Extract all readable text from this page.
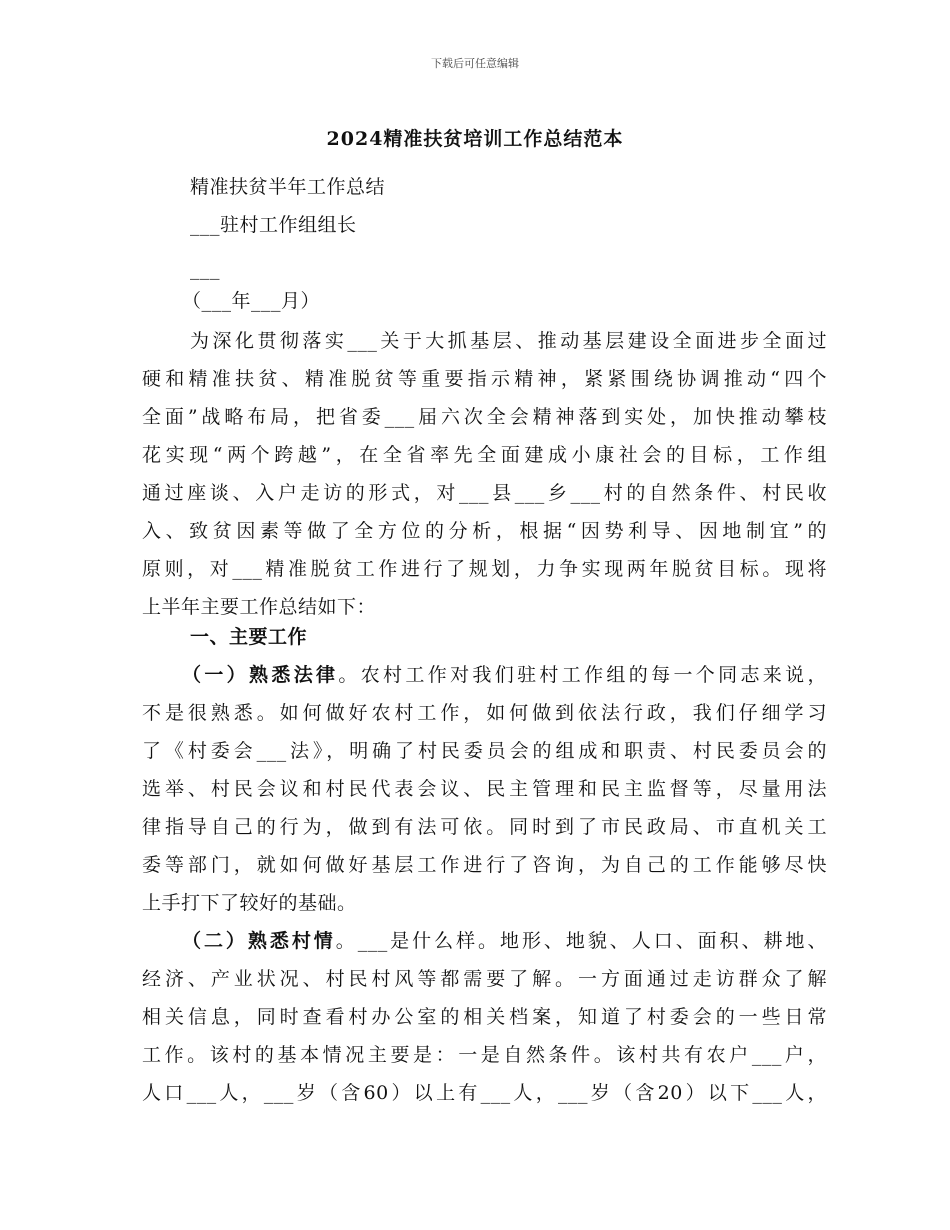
下载后可任意编辑
2024精准扶贫培训工作总结范本
精准扶贫半年工作总结
___驻村工作组组长
___
（___年___月）
为深化贯彻落实___关于大抓基层、推动基层建设全面进步全面过
硬和精准扶贫、精准脱贫等重要指示精神，紧紧围绕协调推动“四个
全面”战略布局，把省委___届六次全会精神落到实处，加快推动攀枝
花实现“两个跨越”，在全省率先全面建成小康社会的目标，工作组
通过座谈、入户走访的形式，对___县___乡___村的自然条件、村民收
入、致贫因素等做了全方位的分析，根据“因势利导、因地制宜”的
原则，对___精准脱贫工作进行了规划，力争实现两年脱贫目标。现将
上半年主要工作总结如下：
一、主要工作
（一）熟悉法律。农村工作对我们驻村工作组的每一个同志来说，
不是很熟悉。如何做好农村工作，如何做到依法行政，我们仔细学习
了《村委会___法》，明确了村民委员会的组成和职责、村民委员会的
选举、村民会议和村民代表会议、民主管理和民主监督等，尽量用法
律指导自己的行为，做到有法可依。同时到了市民政局、市直机关工
委等部门，就如何做好基层工作进行了咨询，为自己的工作能够尽快
上手打下了较好的基础。
（二）熟悉村情。___是什么样。地形、地貌、人口、面积、耕地、
经济、产业状况、村民村风等都需要了解。一方面通过走访群众了解
相关信息，同时查看村办公室的相关档案，知道了村委会的一些日常
工作。该村的基本情况主要是：一是自然条件。该村共有农户___户，
人口___人，___岁（含60）以上有___人，___岁（含20）以下___人，
